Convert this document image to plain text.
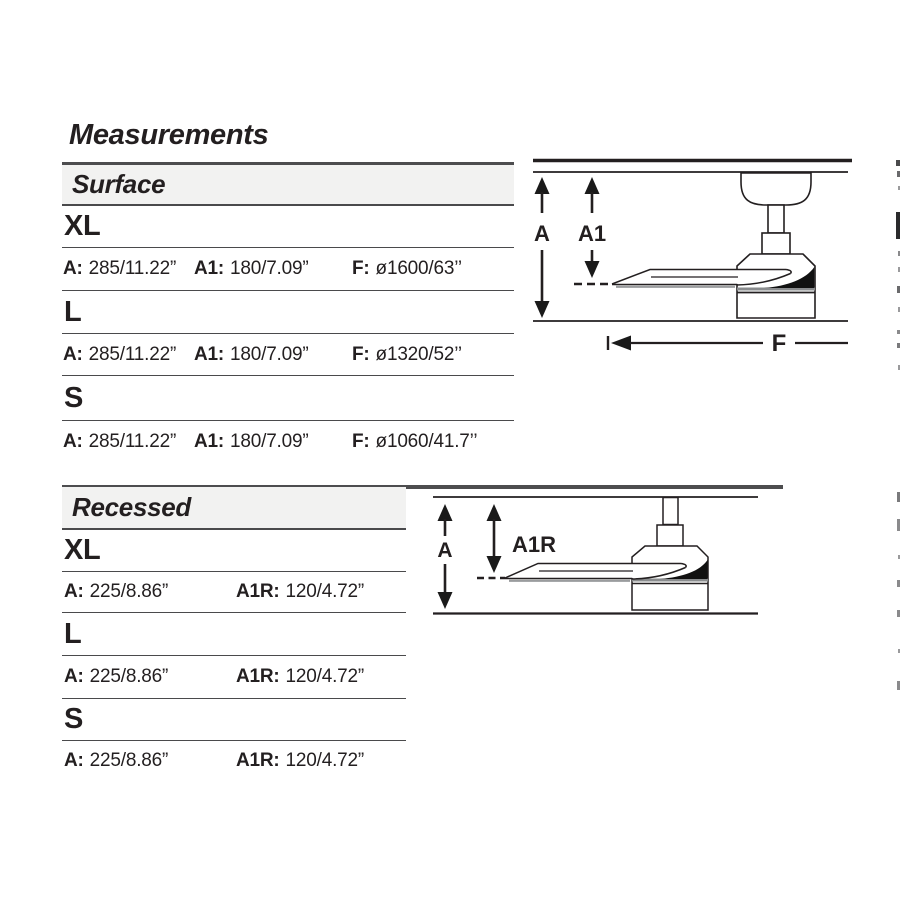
Measurements
Surface
XL
A: 285/11.22” A1: 180/7.09” F: ø1600/63’’
L
A: 285/11.22” A1: 180/7.09” F: ø1320/52’’
S
A: 285/11.22” A1: 180/7.09” F: ø1060/41.7’’
A A1
F
Recessed
XL
A: 225/8.86”	A1R: 120/4.72”
L
A: 225/8.86”	A1R: 120/4.72”
S
A: 225/8.86”	A1R: 120/4.72”
A	A1R
